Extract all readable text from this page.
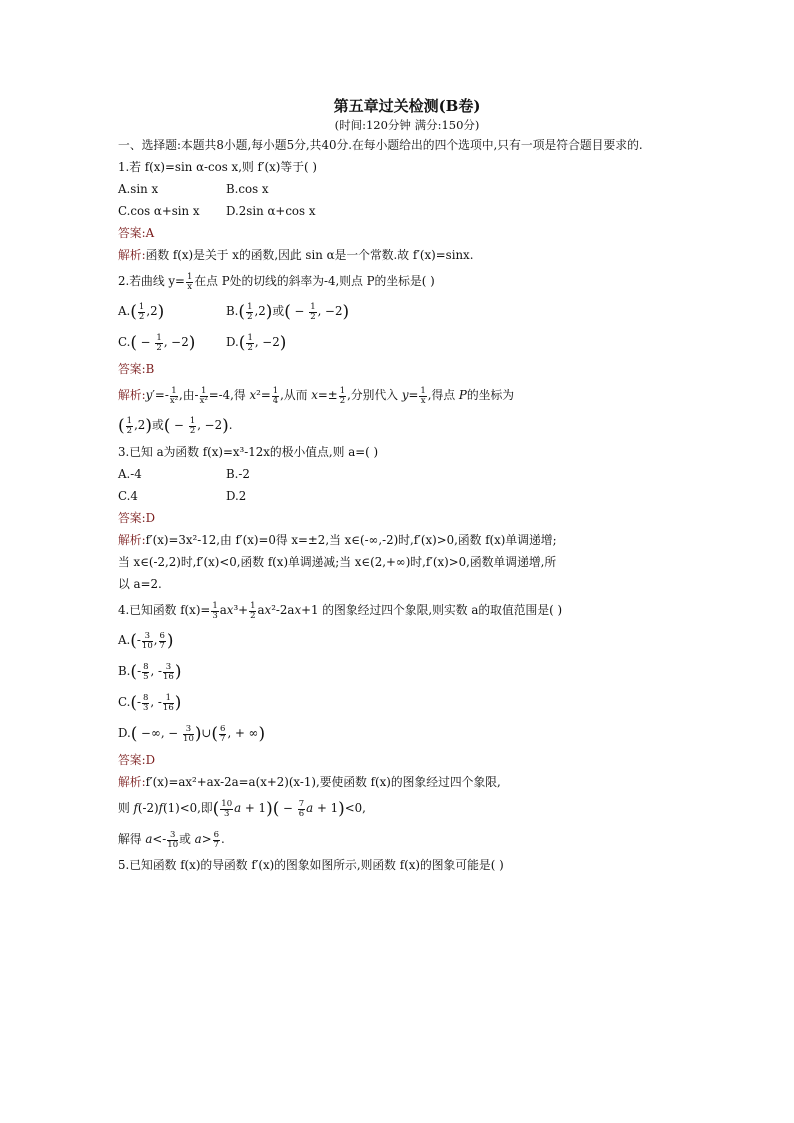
第五章过关检测(B卷)
(时间:120分钟 满分:150分)
一、选择题:本题共8小题,每小题5分,共40分.在每小题给出的四个选项中,只有一项是符合题目要求的.
1.若 f(x)=sin α-cos x,则 f′(x)等于( )
A.sin x	B.cos x
C.cos α+sin x	D.2sin α+cos x
答案:A
解析:函数 f(x)是关于 x的函数,因此 sin α是一个常数.故 f′(x)=sinx.
2.若曲线 $y= \frac{1}{x}$ 在点 P处的切线的斜率为-4,则点 P的坐标是( )
$A.( \frac{1}{2} ,2)$	$B.( \frac{1}{2} ,2)$或( − $\frac{1}{2}$ , −2)
$C.( - \frac{1}{2}$ , −2)	$D.( \frac{1}{2}$ , −2)
答案:B
解析:y′=- $\frac{1}{\text{x²}}$ ,由- $\frac{1}{\text{x²}} =-4$,得 $x^2= \frac{1}{4}$ ,从而 $x=\pm \frac{1}{2}$ ,分别代入 $y= \frac{1}{x}$ ,得点 P的坐标为
( $\frac{1}{2} ,2$)或( − $\frac{1}{2}$ , −2).
3.已知 a为函数 f(x)=x³-12x的极小值点,则 a=( )
A.-4	B.-2
C.4	D.2
答案:D
解析:f′(x)=3x²-12,由 f′(x)=0得 x=±2,当 x∈(-∞,-2)时,f′(x)>0,函数 f(x)单调递增;
当 x∈(-2,2)时,f′(x)<0,函数 f(x)单调递减;当 x∈(2,+∞)时,f′(x)>0,函数单调递增,所
以 a=2.
4.已知函数 $f(x)= \frac{1}{3} ax^3+ \frac{1}{2} ax^2-2ax+1$ 的图象经过四个象限,则实数 a的取值范围是( )
$A.(- \frac{3}{10}$ , $\frac{6}{7}$ )
$B.(- \frac{8}{5}$ , - $\frac{3}{16}$ )
$C.(- \frac{8}{3}$ , - $\frac{1}{16}$ )
D.( −∞, − $\frac{3}{10}$ )∪( $\frac{6}{7}$ , + ∞)
答案:D
解析:f′(x)=ax²+ax-2a=a(x+2)(x-1),要使函数 f(x)的图象经过四个象限,
则 f(-2)f(1)<0,即( $\frac{10}{3}$ $a + 1)( - \frac{7}{6}$ a + 1)<0,
解得 $a<- \frac{3}{10}$ 或 $a> \frac{6}{7}$ .
5.已知函数 f(x)的导函数 f′(x)的图象如图所示,则函数 f(x)的图象可能是( )
